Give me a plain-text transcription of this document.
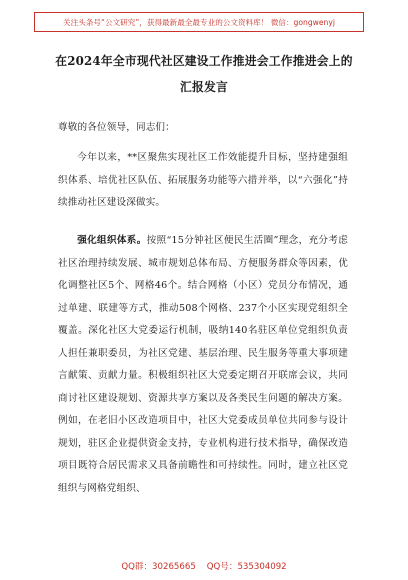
关注头条号“公文研究”，获得最新最全最专业的公文资料库！ 微信：gongwenyj
在2024年全市现代社区建设工作推进会工作推进会上的汇报发言
尊敬的各位领导，同志们：
今年以来，**区聚焦实现社区工作效能提升目标，坚持建强组织体系、培优社区队伍、拓展服务功能等六措并举，以“六强化”持续推动社区建设深做实。
强化组织体系。按照“15分钟社区便民生活圈”理念，充分考虑社区治理持续发展、城市规划总体布局、方便服务群众等因素，优化调整社区5个、网格46个。结合网格（小区）党员分布情况，通过单建、联建等方式，推动508个网格、237个小区实现党组织全覆盖。深化社区大党委运行机制，吸纳140名驻区单位党组织负责人担任兼职委员，为社区党建、基层治理、民生服务等重大事项建言献策、贡献力量。积极组织社区大党委定期召开联席会议，共同商讨社区建设规划、资源共享方案以及各类民生问题的解决方案。例如，在老旧小区改造项目中，社区大党委成员单位共同参与设计规划，驻区企业提供资金支持，专业机构进行技术指导，确保改造项目既符合居民需求又具备前瞻性和可持续性。同时，建立社区党组织与网格党组织、
QQ群：30265665    QQ号：535304092
